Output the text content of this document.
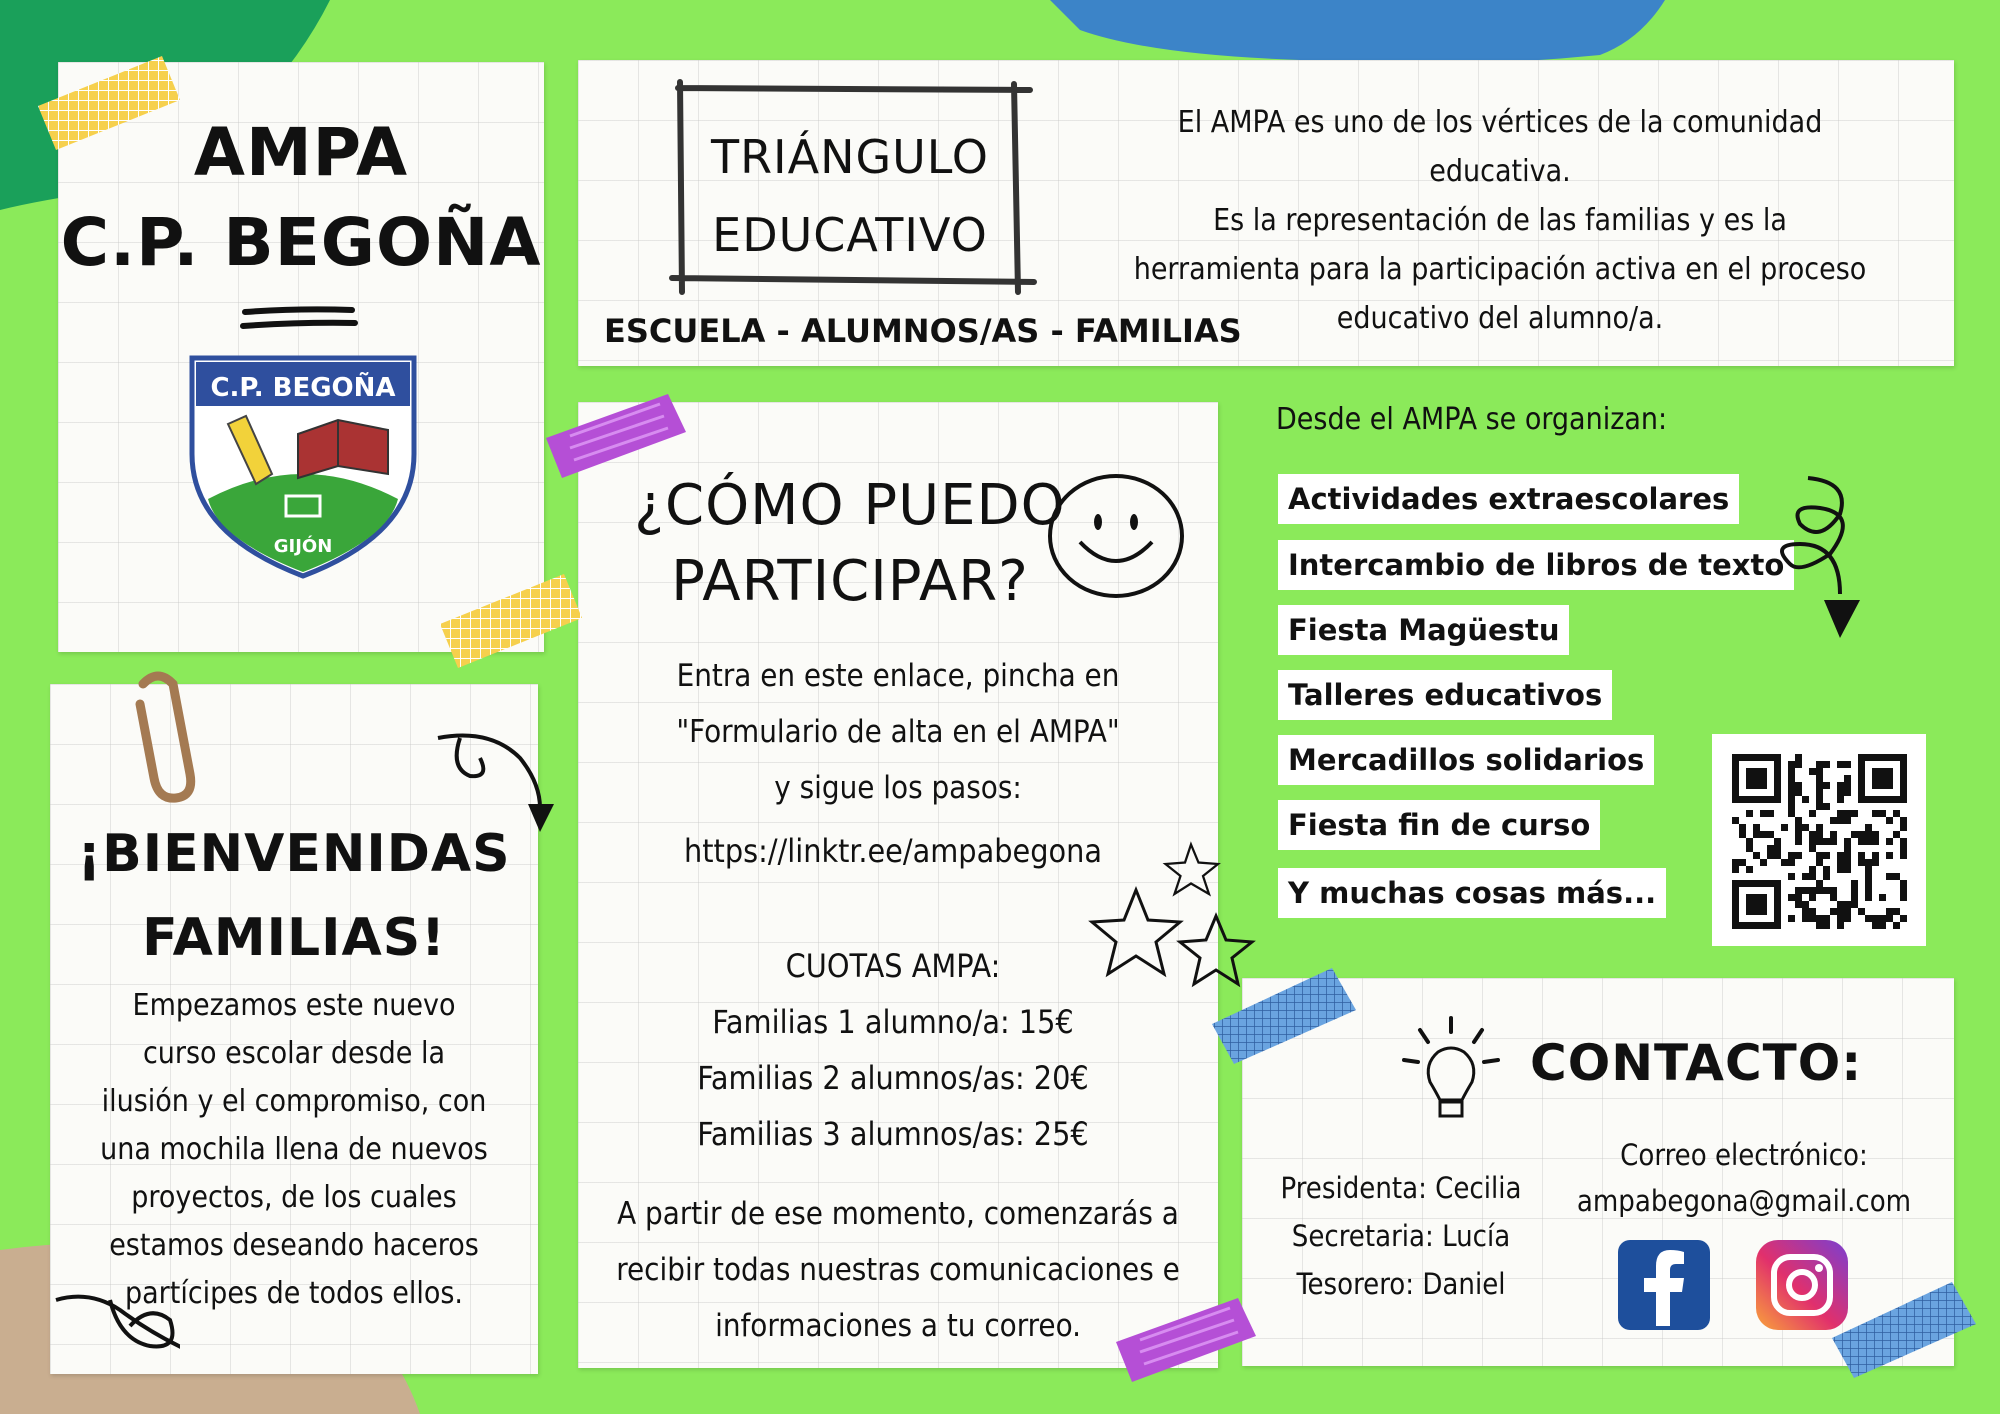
AMPA
C.P. BEGOÑA
C.P. BEGOÑA
GIJÓN
¡BIENVENIDAS
FAMILIAS!
Empezamos este nuevo
curso escolar desde la
ilusión y el compromiso, con
una mochila llena de nuevos
proyectos, de los cuales
estamos deseando haceros
partícipes de todos ellos.
TRIÁNGULO
EDUCATIVO
ESCUELA - ALUMNOS/AS - FAMILIAS
El AMPA es uno de los vértices de la comunidad
educativa.
Es la representación de las familias y es la
herramienta para la participación activa en el proceso
educativo del alumno/a.
¿CÓMO PUEDO
PARTICIPAR?
Entra en este enlace, pincha en
"Formulario de alta en el AMPA"
y sigue los pasos:
https://linktr.ee/ampabegona
CUOTAS AMPA:
Familias 1 alumno/a: 15€
Familias 2 alumnos/as: 20€
Familias 3 alumnos/as: 25€
A partir de ese momento, comenzarás a
recibir todas nuestras comunicaciones e
informaciones a tu correo.
Desde el AMPA se organizan:
Actividades extraescolares
Intercambio de libros de texto
Fiesta Magüestu
Talleres educativos
Mercadillos solidarios
Fiesta fin de curso
Y muchas cosas más...
CONTACTO:
Presidenta: Cecilia
Secretaria: Lucía
Tesorero: Daniel
Correo electrónico:
ampabegona@gmail.com
